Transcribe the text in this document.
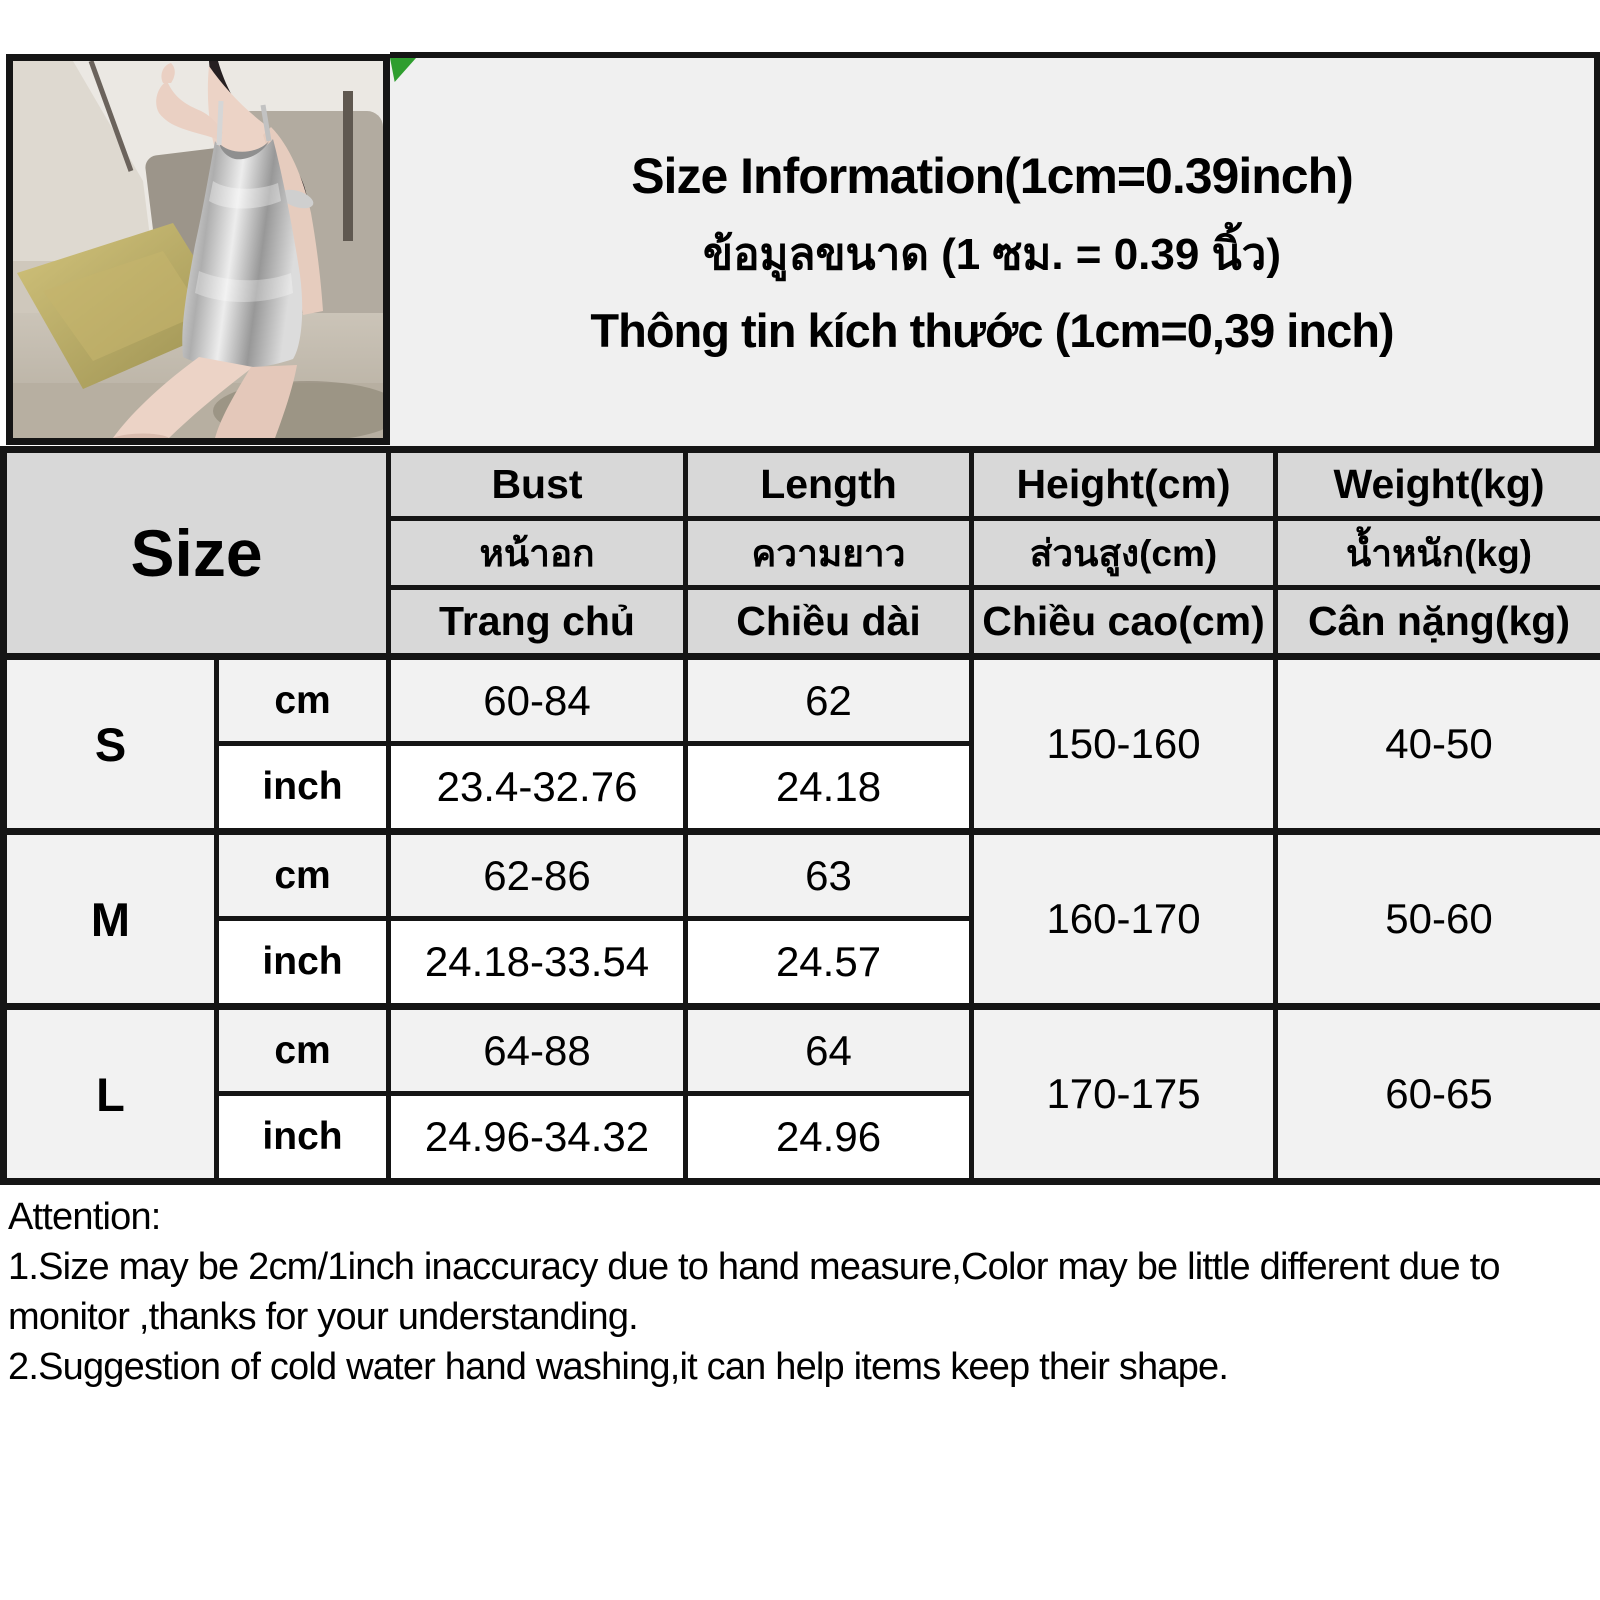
Size Information(1cm=0.39inch)
ข้อมูลขนาด (1 ซม. = 0.39 นิ้ว)
Thông tin kích thước (1cm=0,39 inch)
Size		Bust	Length	Height(cm)	Weight(kg)
		หน้าอก	ความยาว	ส่วนสูง(cm)	น้ำหนัก(kg)
		Trang chủ	Chiều dài	Chiều cao(cm)	Cân nặng(kg)
S	cm	60-84	62	150-160	40-50
	inch	23.4-32.76	24.18		
M	cm	62-86	63	160-170	50-60
	inch	24.18-33.54	24.57		
L	cm	64-88	64	170-175	60-65
	inch	24.96-34.32	24.96		
Attention:
1.Size may be 2cm/1inch inaccuracy due to hand measure,Color may be little different due to monitor ,thanks for your understanding.
2.Suggestion of cold water hand washing,it can help items keep their shape.
